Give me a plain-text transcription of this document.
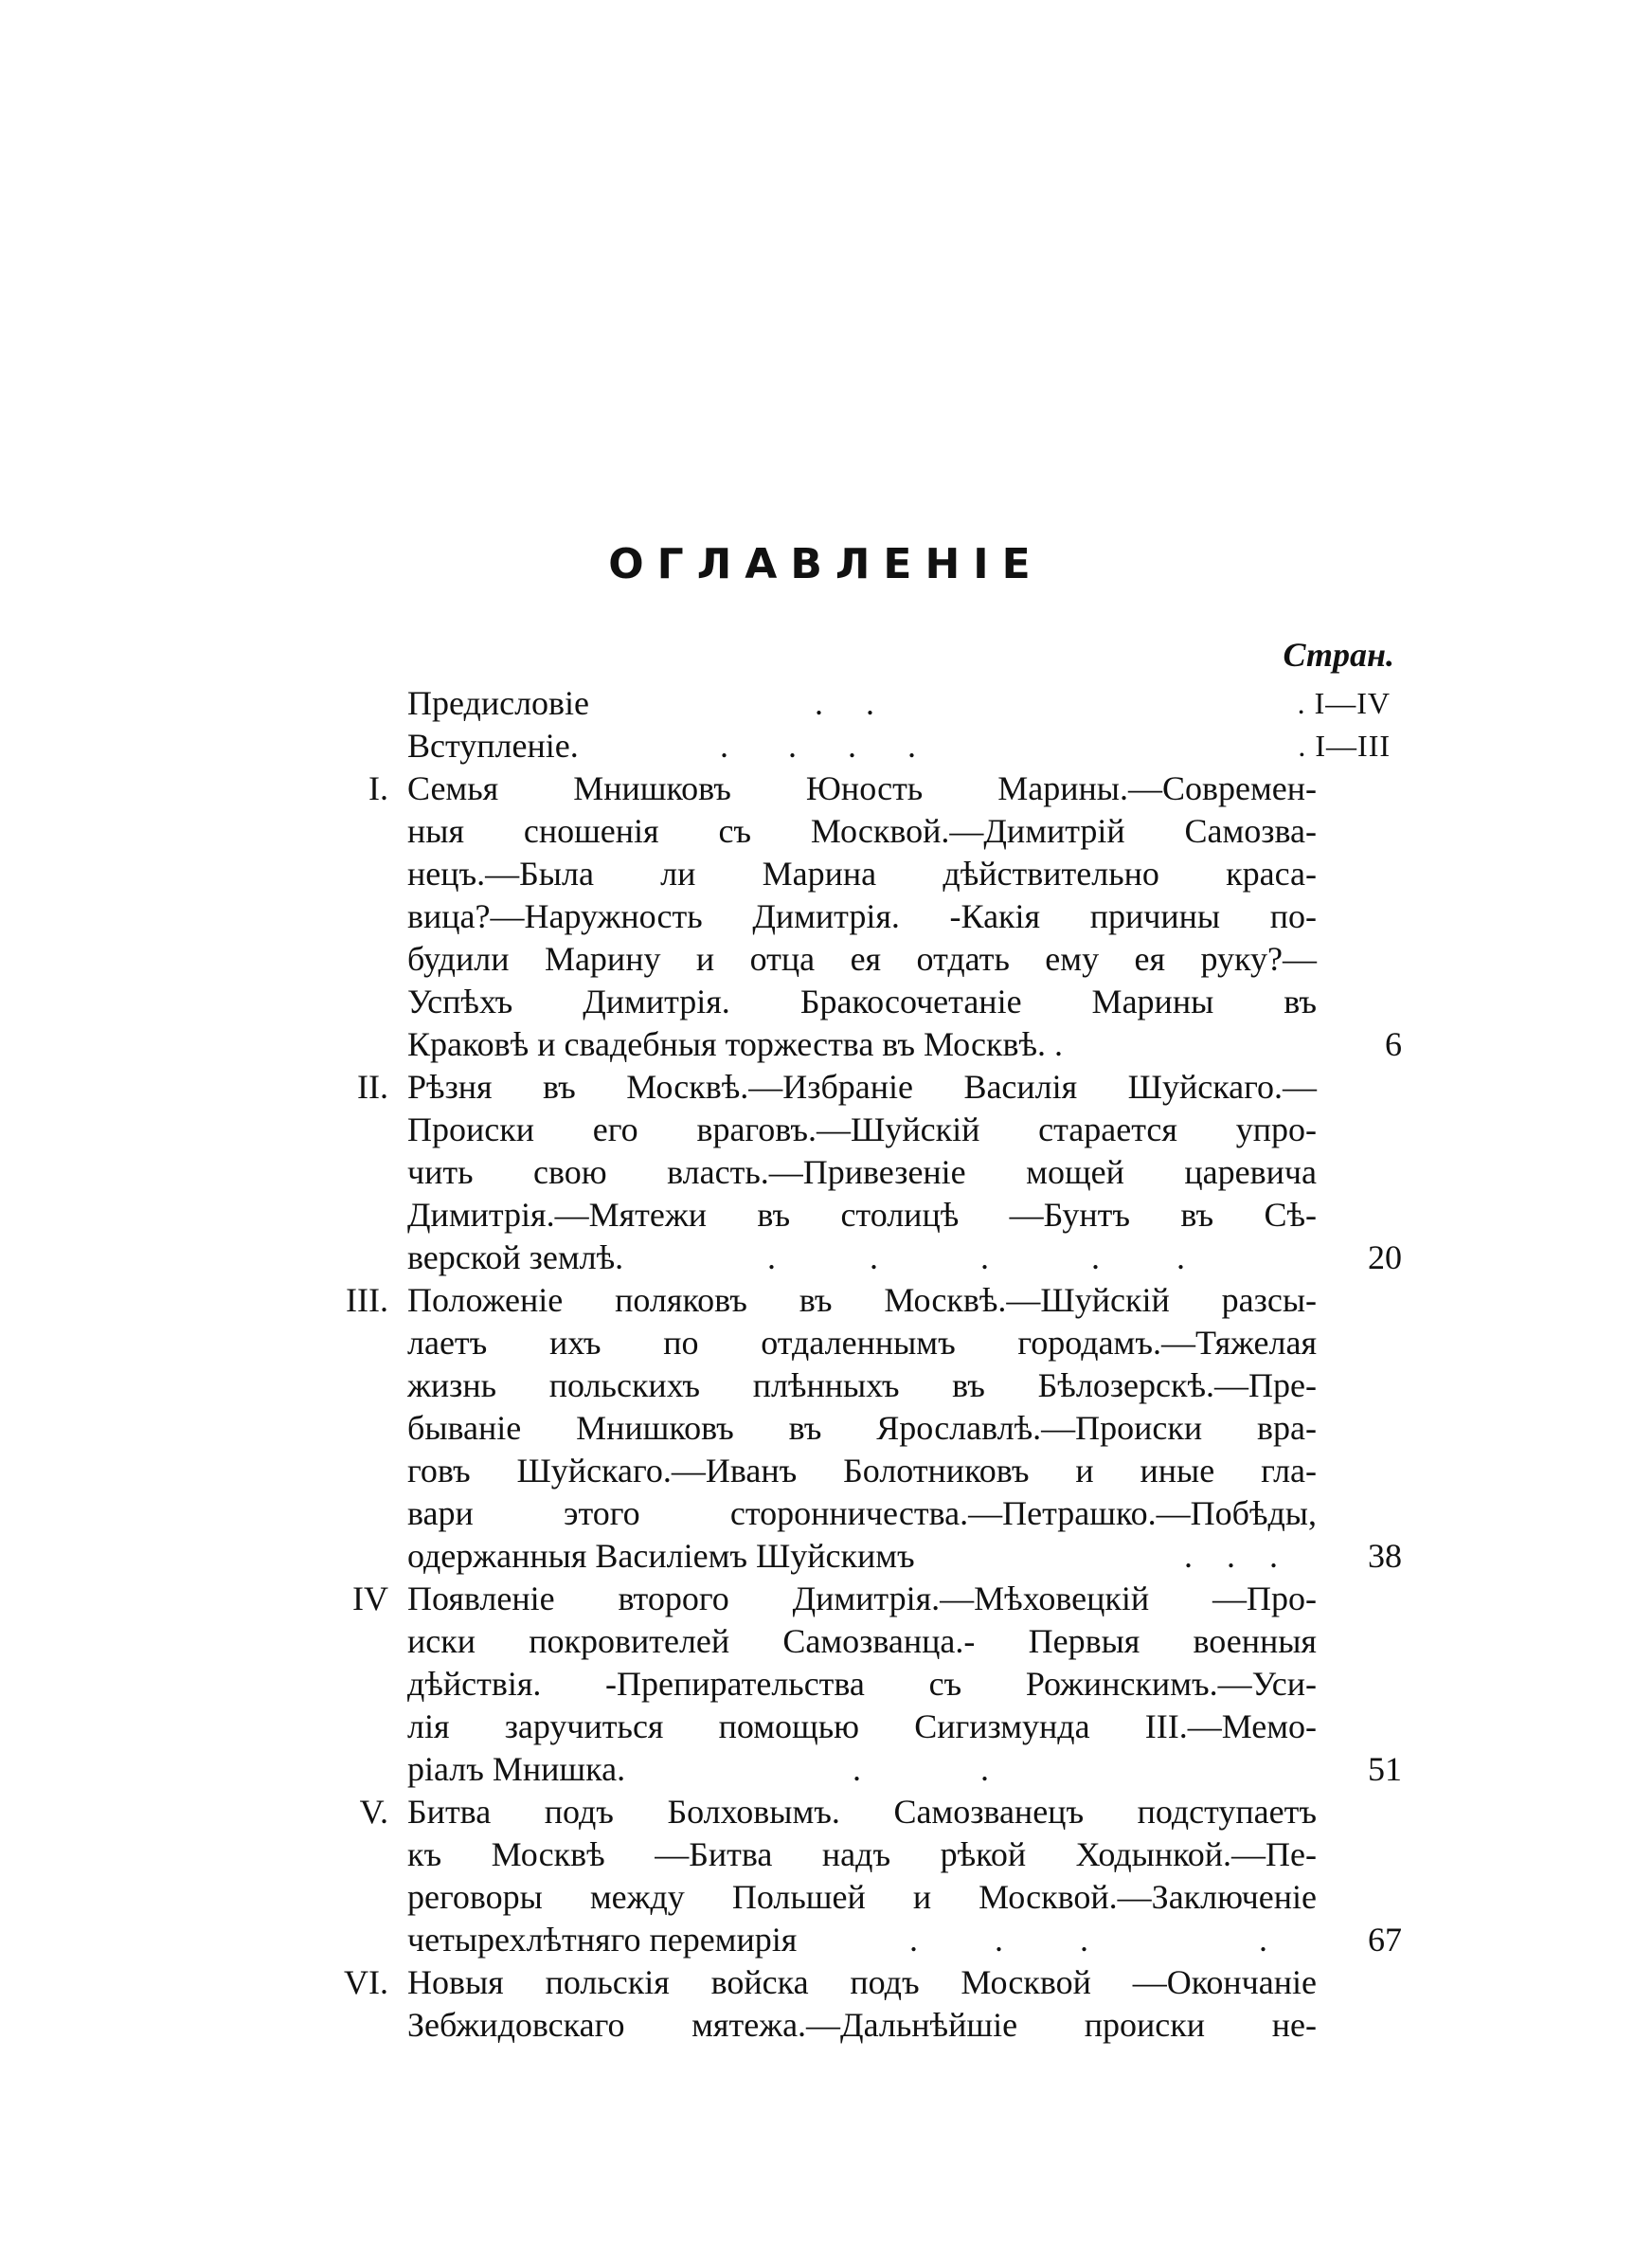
ОГЛАВЛЕНІЕ
Стран.
Предисловіе	.     .	. I—IV
Вступленіе.	.       .      .      .	. I—III
I. Семья Мнишковъ Юность Марины.—Современ-
ныя сношенія съ Москвой.—Димитрій Самозва-
нецъ.—Была ли Марина дѣйствительно краса-
вица?—Наружность Димитрія. -Какія причины по-
будили Марину и отца ея отдать ему ея руку?—
Успѣхъ Димитрія. Бракосочетаніе Марины въ
Краковѣ и свадебныя торжества въ Москвѣ. .	6
II. Рѣзня въ Москвѣ.—Избраніе Василія Шуйскаго.—
Происки его враговъ.—Шуйскій старается упро-
чить свою власть.—Привезеніе мощей царевича
Димитрія.—Мятежи въ столицѣ —Бунтъ въ Сѣ-
верской землѣ.	.           .            .            .         .	20
III. Положеніе поляковъ въ Москвѣ.—Шуйскій разсы-
лаетъ ихъ по отдаленнымъ городамъ.—Тяжелая
жизнь польскихъ плѣнныхъ въ Бѣлозерскѣ.—Пре-
бываніе Мнишковъ въ Ярославлѣ.—Происки вра-
говъ Шуйскаго.—Иванъ Болотниковъ и иные гла-
вари этого сторонничества.—Петрашко.—Побѣды,
одержанныя Василіемъ Шуйскимъ	.    .    .	38
IV Появленіе второго Димитрія.—Мѣховецкій —Про-
иски покровителей Самозванца.- Первыя военныя
дѣйствія. -Препирательства съ Рожинскимъ.—Уси-
лія заручиться помощью Сигизмунда III.—Мемо-
ріалъ Мнишка.	.              .	51
V. Битва подъ Болховымъ. Самозванецъ подступаетъ
къ Москвѣ —Битва надъ рѣкой Ходынкой.—Пе-
реговоры между Польшей и Москвой.—Заключеніе
четырехлѣтняго перемирія	.         .         .                    .	67
VI. Новыя польскія войска подъ Москвой —Окончаніе
Зебжидовскаго мятежа.—Дальнѣйшіе происки не-
